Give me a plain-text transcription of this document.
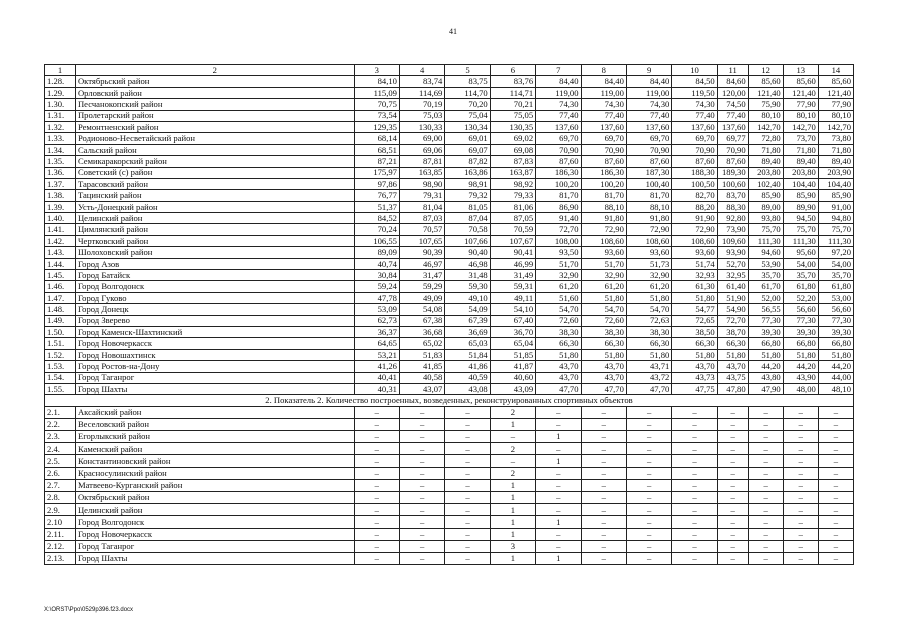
41
1	2	3	4	5	6	7	8	9	10	11	12	13	14
1.28.	Октябрьский район	84,10	83,74	83,75	83,76	84,40	84,40	84,40	84,50	84,60	85,60	85,60	85,60
1.29.	Орловский район	115,09	114,69	114,70	114,71	119,00	119,00	119,00	119,50	120,00	121,40	121,40	121,40
1.30.	Песчанокопский район	70,75	70,19	70,20	70,21	74,30	74,30	74,30	74,30	74,50	75,90	77,90	77,90
1.31.	Пролетарский район	73,54	75,03	75,04	75,05	77,40	77,40	77,40	77,40	77,40	80,10	80,10	80,10
1.32.	Ремонтненский район	129,35	130,33	130,34	130,35	137,60	137,60	137,60	137,60	137,60	142,70	142,70	142,70
1.33.	Родионово-Несветайский район	68,14	69,00	69,01	69,02	69,70	69,70	69,70	69,70	69,77	72,80	73,70	73,80
1.34.	Сальский район	68,51	69,06	69,07	69,08	70,90	70,90	70,90	70,90	70,90	71,80	71,80	71,80
1.35.	Семикаракорский район	87,21	87,81	87,82	87,83	87,60	87,60	87,60	87,60	87,60	89,40	89,40	89,40
1.36.	Советский (с) район	175,97	163,85	163,86	163,87	186,30	186,30	187,30	188,30	189,30	203,80	203,80	203,90
1.37.	Тарасовский район	97,86	98,90	98,91	98,92	100,20	100,20	100,40	100,50	100,60	102,40	104,40	104,40
1.38.	Тацинский район	76,77	79,31	79,32	79,33	81,70	81,70	81,70	82,70	83,70	85,90	85,90	85,90
1.39.	Усть-Донецкий район	51,37	81,04	81,05	81,06	86,90	88,10	88,10	88,20	88,30	89,00	89,90	91,00
1.40.	Целинский район	84,52	87,03	87,04	87,05	91,40	91,80	91,80	91,90	92,80	93,80	94,50	94,80
1.41.	Цимлянский район	70,24	70,57	70,58	70,59	72,70	72,90	72,90	72,90	73,90	75,70	75,70	75,70
1.42.	Чертковский район	106,55	107,65	107,66	107,67	108,00	108,60	108,60	108,60	109,60	111,30	111,30	111,30
1.43.	Шолоховский район	89,09	90,39	90,40	90,41	93,50	93,60	93,60	93,60	93,90	94,60	95,60	97,20
1.44.	Город Азов	40,74	46,97	46,98	46,99	51,70	51,70	51,73	51,74	52,70	53,90	54,00	54,00
1.45.	Город Батайск	30,84	31,47	31,48	31,49	32,90	32,90	32,90	32,93	32,95	35,70	35,70	35,70
1.46.	Город Волгодонск	59,24	59,29	59,30	59,31	61,20	61,20	61,20	61,30	61,40	61,70	61,80	61,80
1.47.	Город Гуково	47,78	49,09	49,10	49,11	51,60	51,80	51,80	51,80	51,90	52,00	52,20	53,00
1.48.	Город Донецк	53,09	54,08	54,09	54,10	54,70	54,70	54,70	54,77	54,90	56,55	56,60	56,60
1.49.	Город Зверево	62,73	67,38	67,39	67,40	72,60	72,60	72,63	72,65	72,70	77,30	77,30	77,30
1.50.	Город Каменск-Шахтинский	36,37	36,68	36,69	36,70	38,30	38,30	38,30	38,50	38,70	39,30	39,30	39,30
1.51.	Город Новочеркасск	64,65	65,02	65,03	65,04	66,30	66,30	66,30	66,30	66,30	66,80	66,80	66,80
1.52.	Город Новошахтинск	53,21	51,83	51,84	51,85	51,80	51,80	51,80	51,80	51,80	51,80	51,80	51,80
1.53.	Город Ростов-на-Дону	41,26	41,85	41,86	41,87	43,70	43,70	43,71	43,70	43,70	44,20	44,20	44,20
1.54.	Город Таганрог	40,41	40,58	40,59	40,60	43,70	43,70	43,72	43,73	43,75	43,80	43,90	44,00
1.55.	Город Шахты	40,31	43,07	43,08	43,09	47,70	47,70	47,70	47,75	47,80	47,90	48,00	48,10
2. Показатель 2. Количество построенных, возведенных, реконструированных спортивных объектов													
2.1.	Аксайский район	–	–	–	2	–	–	–	–	–	–	–	–
2.2.	Веселовский район	–	–	–	1	–	–	–	–	–	–	–	–
2.3.	Егорлыкский район	–	–	–	–	1	–	–	–	–	–	–	–
2.4.	Каменский район	–	–	–	2	–	–	–	–	–	–	–	–
2.5.	Константиновский район	–	–	–	–	1	–	–	–	–	–	–	–
2.6.	Красносулинский район	–	–	–	2	–	–	–	–	–	–	–	–
2.7.	Матвеево-Курганский район	–	–	–	1	–	–	–	–	–	–	–	–
2.8.	Октябрьский район	–	–	–	1	–	–	–	–	–	–	–	–
2.9.	Целинский район	–	–	–	1	–	–	–	–	–	–	–	–
2.10	Город Волгодонск	–	–	–	1	1	–	–	–	–	–	–	–
2.11.	Город Новочеркасск	–	–	–	1	–	–	–	–	–	–	–	–
2.12.	Город Таганрог	–	–	–	3	–	–	–	–	–	–	–	–
2.13.	Город Шахты	–	–	–	1	1	–	–	–	–	–	–	–
X:\ORST\Ppo\0529p396.f23.docx
